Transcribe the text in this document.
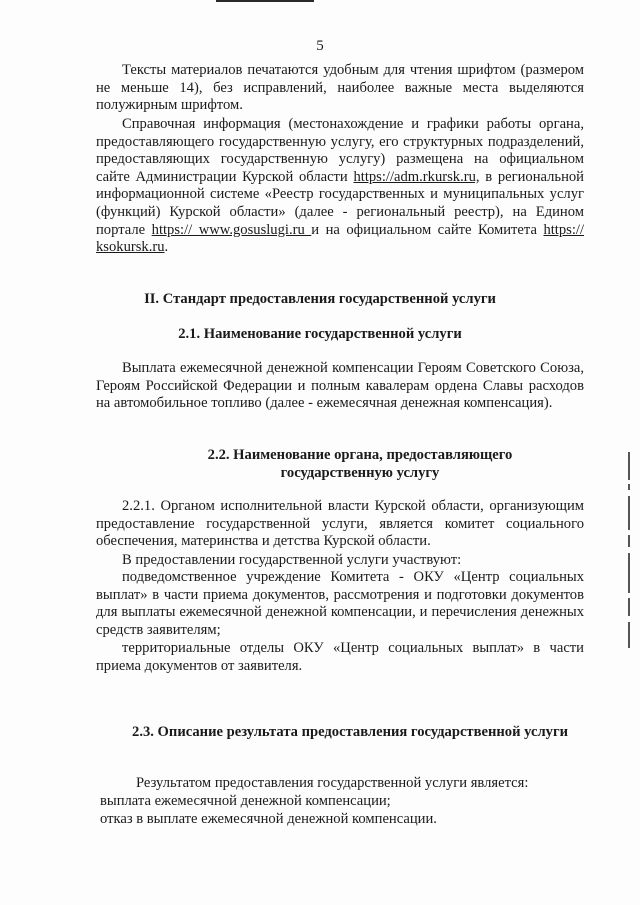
5

Тексты материалов печатаются удобным для чтения шрифтом (размером не меньше 14), без исправлений, наиболее важные места выделяются полужирным шрифтом.

Справочная информация (местонахождение и графики работы органа, предоставляющего государственную услугу, его структурных подразделений, предоставляющих государственную услугу) размещена на официальном сайте Администрации Курской области https://adm.rkursk.ru, в региональной информационной системе «Реестр государственных и муниципальных услуг (функций) Курской области» (далее - региональный реестр), на Едином портале https:// www.gosuslugi.ru и на официальном сайте Комитета https:// ksokursk.ru.

II. Стандарт предоставления государственной услуги
2.1. Наименование государственной услуги

Выплата ежемесячной денежной компенсации Героям Советского Союза, Героям Российской Федерации и полным кавалерам ордена Славы расходов на автомобильное топливо (далее - ежемесячная денежная компенсация).

2.2. Наименование органа, предоставляющего
государственную услугу

2.2.1. Органом исполнительной власти Курской области, организующим предоставление государственной услуги, является комитет социального обеспечения, материнства и детства Курской области.

В предоставлении государственной услуги участвуют:

подведомственное учреждение Комитета - ОКУ «Центр социальных выплат» в части приема документов, рассмотрения и подготовки документов для выплаты ежемесячной денежной компенсации, и перечисления денежных средств заявителям;

территориальные отделы ОКУ «Центр социальных выплат» в части приема документов от заявителя.

2.3. Описание результата предоставления государственной услуги

Результатом предоставления государственной услуги является:

выплата ежемесячной денежной компенсации;

отказ в выплате ежемесячной денежной компенсации.
